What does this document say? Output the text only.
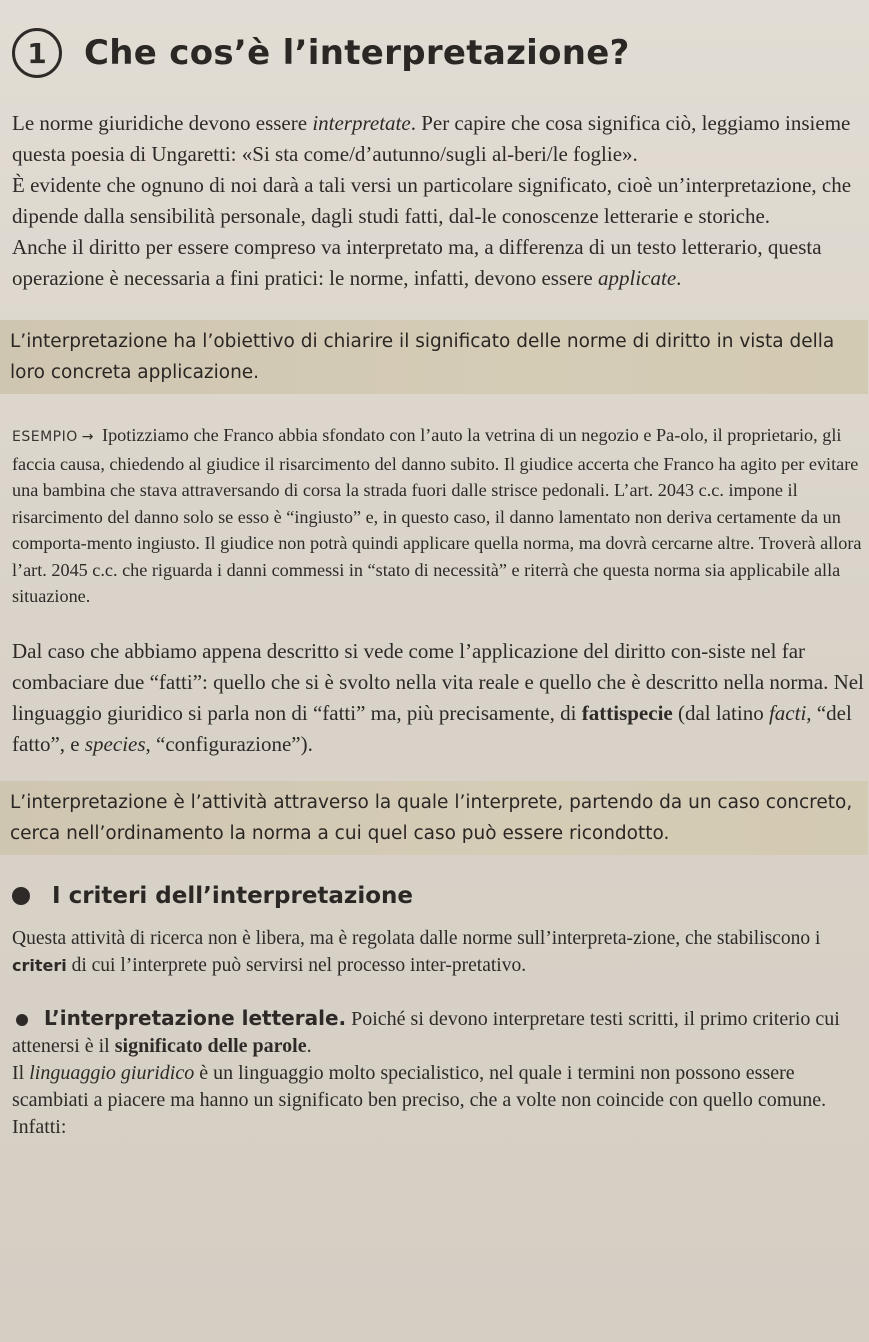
1	Che cos’è l’interpretazione?

Le norme giuridiche devono essere interpretate. Per capire che cosa significa ciò, leggiamo insieme questa poesia di Ungaretti: «Si sta come/d’autunno/sugli al-beri/le foglie».

È evidente che ognuno di noi darà a tali versi un particolare significato, cioè un’interpretazione, che dipende dalla sensibilità personale, dagli studi fatti, dal-le conoscenze letterarie e storiche.

Anche il diritto per essere compreso va interpretato ma, a differenza di un testo letterario, questa operazione è necessaria a fini pratici: le norme, infatti, devono essere applicate.

L’interpretazione ha l’obiettivo di chiarire il significato delle norme di diritto in vista della loro concreta applicazione.
ESEMPIO → Ipotizziamo che Franco abbia sfondato con l’auto la vetrina di un negozio e Pa-olo, il proprietario, gli faccia causa, chiedendo al giudice il risarcimento del danno subito. Il giudice accerta che Franco ha agito per evitare una bambina che stava attraversando di corsa la strada fuori dalle strisce pedonali. L’art. 2043 c.c. impone il risarcimento del danno solo se esso è “ingiusto” e, in questo caso, il danno lamentato non deriva certamente da un comporta-mento ingiusto. Il giudice non potrà quindi applicare quella norma, ma dovrà cercarne altre. Troverà allora l’art. 2045 c.c. che riguarda i danni commessi in “stato di necessità” e riterrà che questa norma sia applicabile alla situazione.

Dal caso che abbiamo appena descritto si vede come l’applicazione del diritto con-siste nel far combaciare due “fatti”: quello che si è svolto nella vita reale e quello che è descritto nella norma. Nel linguaggio giuridico si parla non di “fatti” ma, più precisamente, di fattispecie (dal latino facti, “del fatto”, e species, “configurazione”).

L’interpretazione è l’attività attraverso la quale l’interprete, partendo da un caso concreto, cerca nell’ordinamento la norma a cui quel caso può essere ricondotto.
I criteri dell’interpretazione

Questa attività di ricerca non è libera, ma è regolata dalle norme sull’interpreta-zione, che stabiliscono i criteri di cui l’interprete può servirsi nel processo inter-pretativo.

L’interpretazione letterale. Poiché si devono interpretare testi scritti, il primo criterio cui attenersi è il significato delle parole.
Il linguaggio giuridico è un linguaggio molto specialistico, nel quale i termini non possono essere scambiati a piacere ma hanno un significato ben preciso, che a volte non coincide con quello comune. Infatti:
